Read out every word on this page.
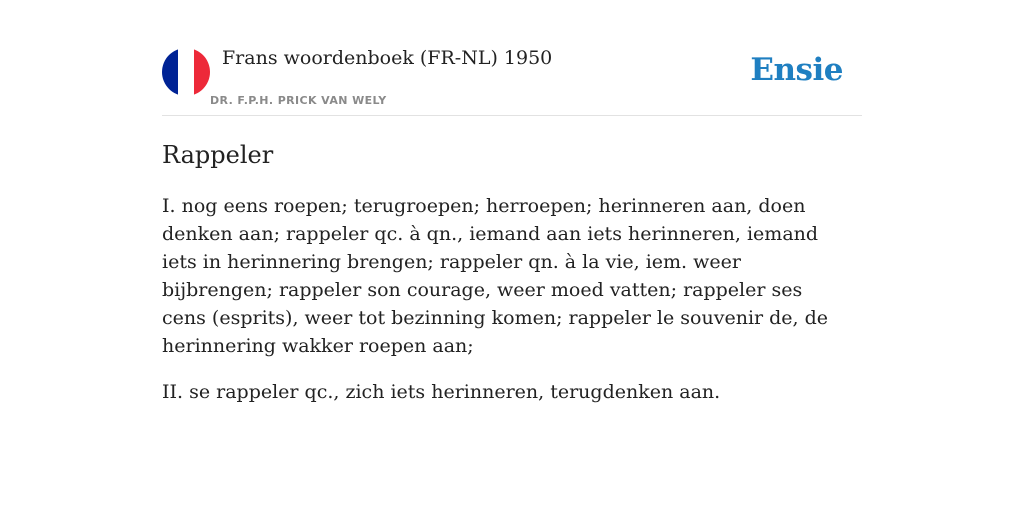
Frans woordenboek (FR-NL) 1950
DR. F.P.H. PRICK VAN WELY
Ensie
Rappeler

I. nog eens roepen; terugroepen; herroepen; herinneren aan, doen denken aan; rappeler qc. à qn., iemand aan iets herinneren, iemand iets in herinnering brengen; rappeler qn. à la vie, iem. weer bijbrengen; rappeler son courage, weer moed vatten; rappeler ses cens (esprits), weer tot bezinning komen; rappeler le souvenir de, de herinnering wakker roepen aan;

II. se rappeler qc., zich iets herinneren, terugdenken aan.
